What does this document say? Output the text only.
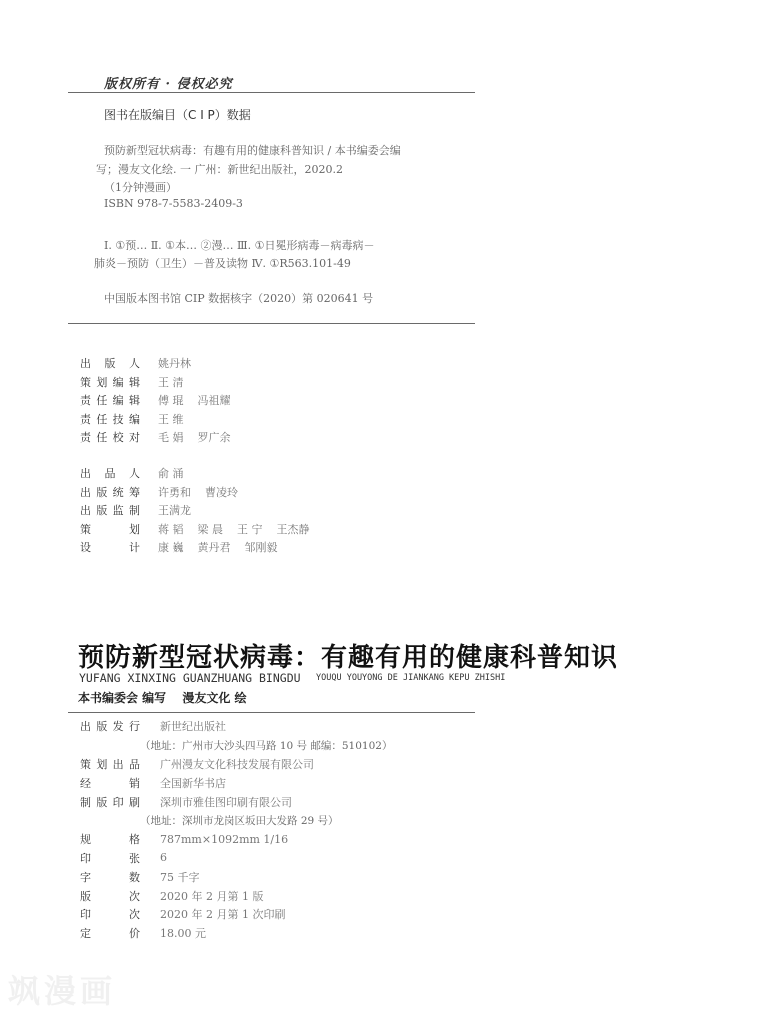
版权所有 · 侵权必究
图书在版编目（C I P）数据
预防新型冠状病毒：有趣有用的健康科普知识 / 本书编委会编
写；漫友文化绘. 一 广州：新世纪出版社，2020.2
（1分钟漫画）
ISBN 978-7-5583-2409-3
Ⅰ. ①预… Ⅱ. ①本… ②漫… Ⅲ. ①日冕形病毒－病毒病－
肺炎－预防（卫生）－普及读物 Ⅳ. ①R563.101-49
中国版本图书馆 CIP 数据核字（2020）第 020641 号
出版人 姚丹林
策划编辑 王 清
责任编辑 傅 琨 冯祖耀
责任技编 王 维
责任校对 毛 娟 罗广余
出品人 俞 涌
出版统筹 许勇和 曹凌玲
出版监制 王满龙
策划 蒋 韬 梁 晨 王 宁 王杰静
设计 康 巍 黄丹君 邹刚毅
预防新型冠状病毒：有趣有用的健康科普知识
YUFANG XINXING GUANZHUANG BINGDU YOUQU YOUYONG DE JIANKANG KEPU ZHISHI
本书编委会 编写 漫友文化 绘
出版发行 新世纪出版社
（地址：广州市大沙头四马路 10 号 邮编：510102）
策划出品 广州漫友文化科技发展有限公司
经销 全国新华书店
制版印刷 深圳市雅佳图印刷有限公司
（地址：深圳市龙岗区坂田大发路 29 号）
规格 787mm×1092mm 1/16
印张 6
字数 75 千字
版次 2020 年 2 月第 1 版
印次 2020 年 2 月第 1 次印刷
定价 18.00 元
飒漫画
